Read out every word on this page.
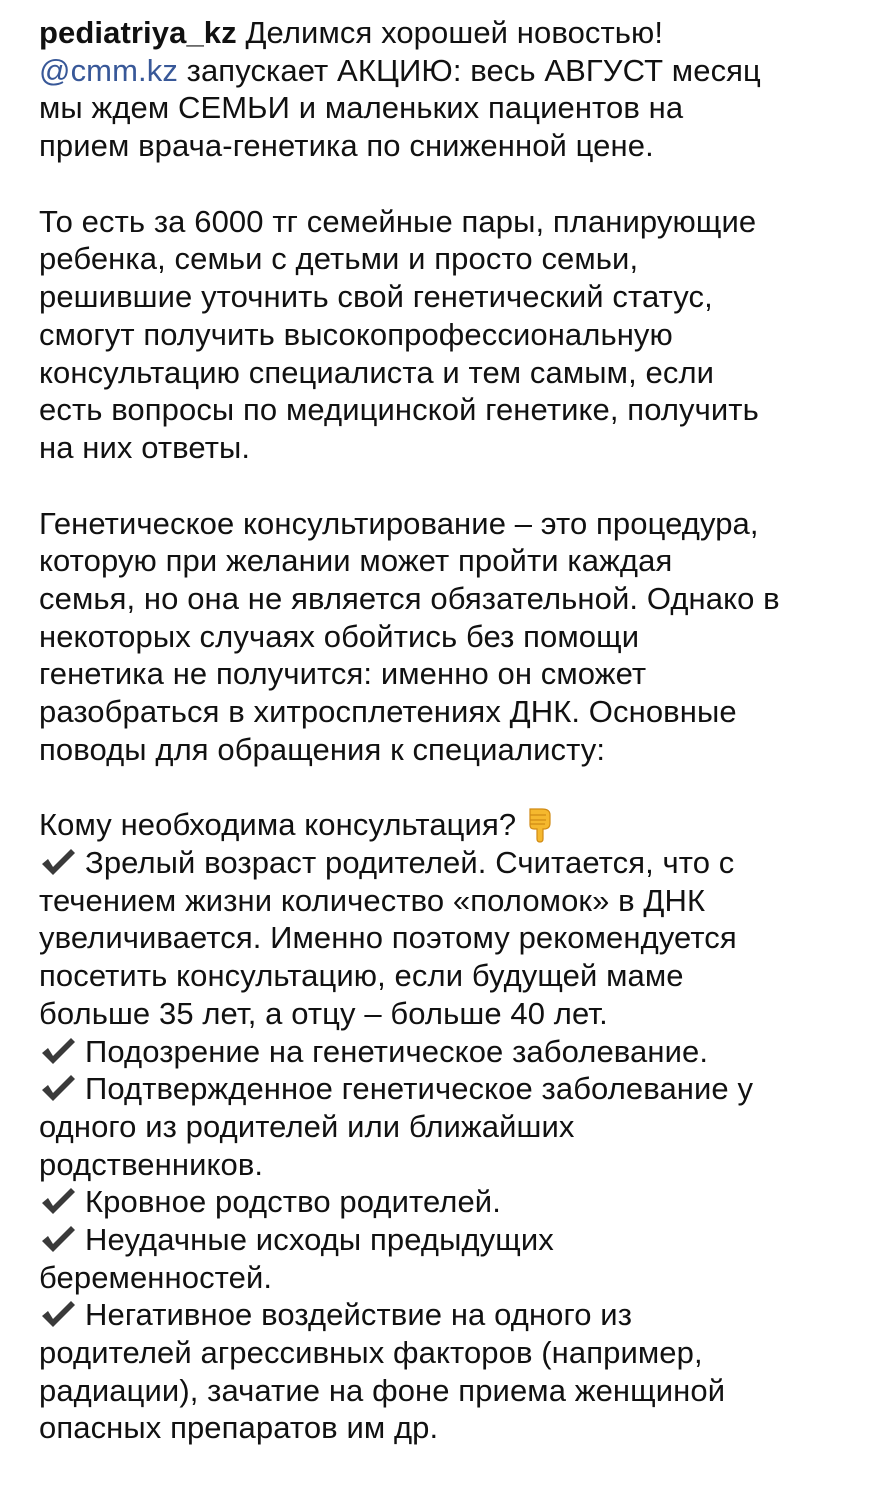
pediatriya_kz Делимся хорошей новостью!
@cmm.kz запускает АКЦИЮ: весь АВГУСТ месяц
мы ждем СЕМЬИ и маленьких пациентов на
прием врача-генетика по сниженной цене.
То есть за 6000 тг семейные пары, планирующие
ребенка, семьи с детьми и просто семьи,
решившие уточнить свой генетический статус,
смогут получить высокопрофессиональную
консультацию специалиста и тем самым, если
есть вопросы по медицинской генетике, получить
на них ответы.
Генетическое консультирование – это процедура,
которую при желании может пройти каждая
семья, но она не является обязательной. Однако в
некоторых случаях обойтись без помощи
генетика не получится: именно он сможет
разобраться в хитросплетениях ДНК. Основные
поводы для обращения к специалисту:
Кому необходима консультация?
Зрелый возраст родителей. Считается, что с
течением жизни количество «поломок» в ДНК
увеличивается. Именно поэтому рекомендуется
посетить консультацию, если будущей маме
больше 35 лет, а отцу – больше 40 лет.
Подозрение на генетическое заболевание.
Подтвержденное генетическое заболевание у
одного из родителей или ближайших
родственников.
Кровное родство родителей.
Неудачные исходы предыдущих
беременностей.
Негативное воздействие на одного из
родителей агрессивных факторов (например,
радиации), зачатие на фоне приема женщиной
опасных препаратов им др.
